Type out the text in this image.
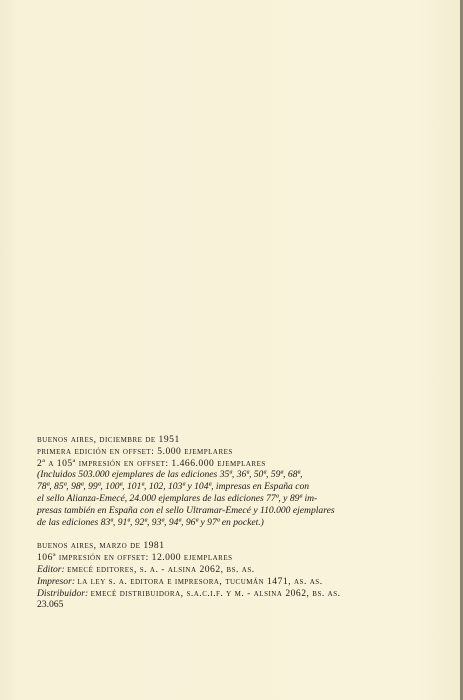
buenos aires, diciembre de 1951
primera edición en offset: 5.000 ejemplares
2ª a 105ª impresión en offset: 1.466.000 ejemplares
(Incluidos 503.000 ejemplares de las ediciones 35ª, 36ª, 50ª, 59ª, 68ª,
78ª, 85ª, 98ª, 99ª, 100ª, 101ª, 102, 103ª y 104ª, impresas en España con
el sello Alianza-Emecé, 24.000 ejemplares de las ediciones 77ª, y 89ª im-
presas también en España con el sello Ultramar-Emecé y 110.000 ejemplares
de las ediciones 83ª, 91ª, 92ª, 93ª, 94ª, 96ª y 97ª en pocket.)
buenos aires, marzo de 1981
106ª impresión en offset: 12.000 ejemplares
Editor: emecé editores, s. a. - alsina 2062, bs. as.
Impresor: la ley s. a. editora e impresora, tucumán 1471, as. as.
Distribuidor: emecé distribuidora, s.a.c.i.f. y m. - alsina 2062, bs. as.
23.065
